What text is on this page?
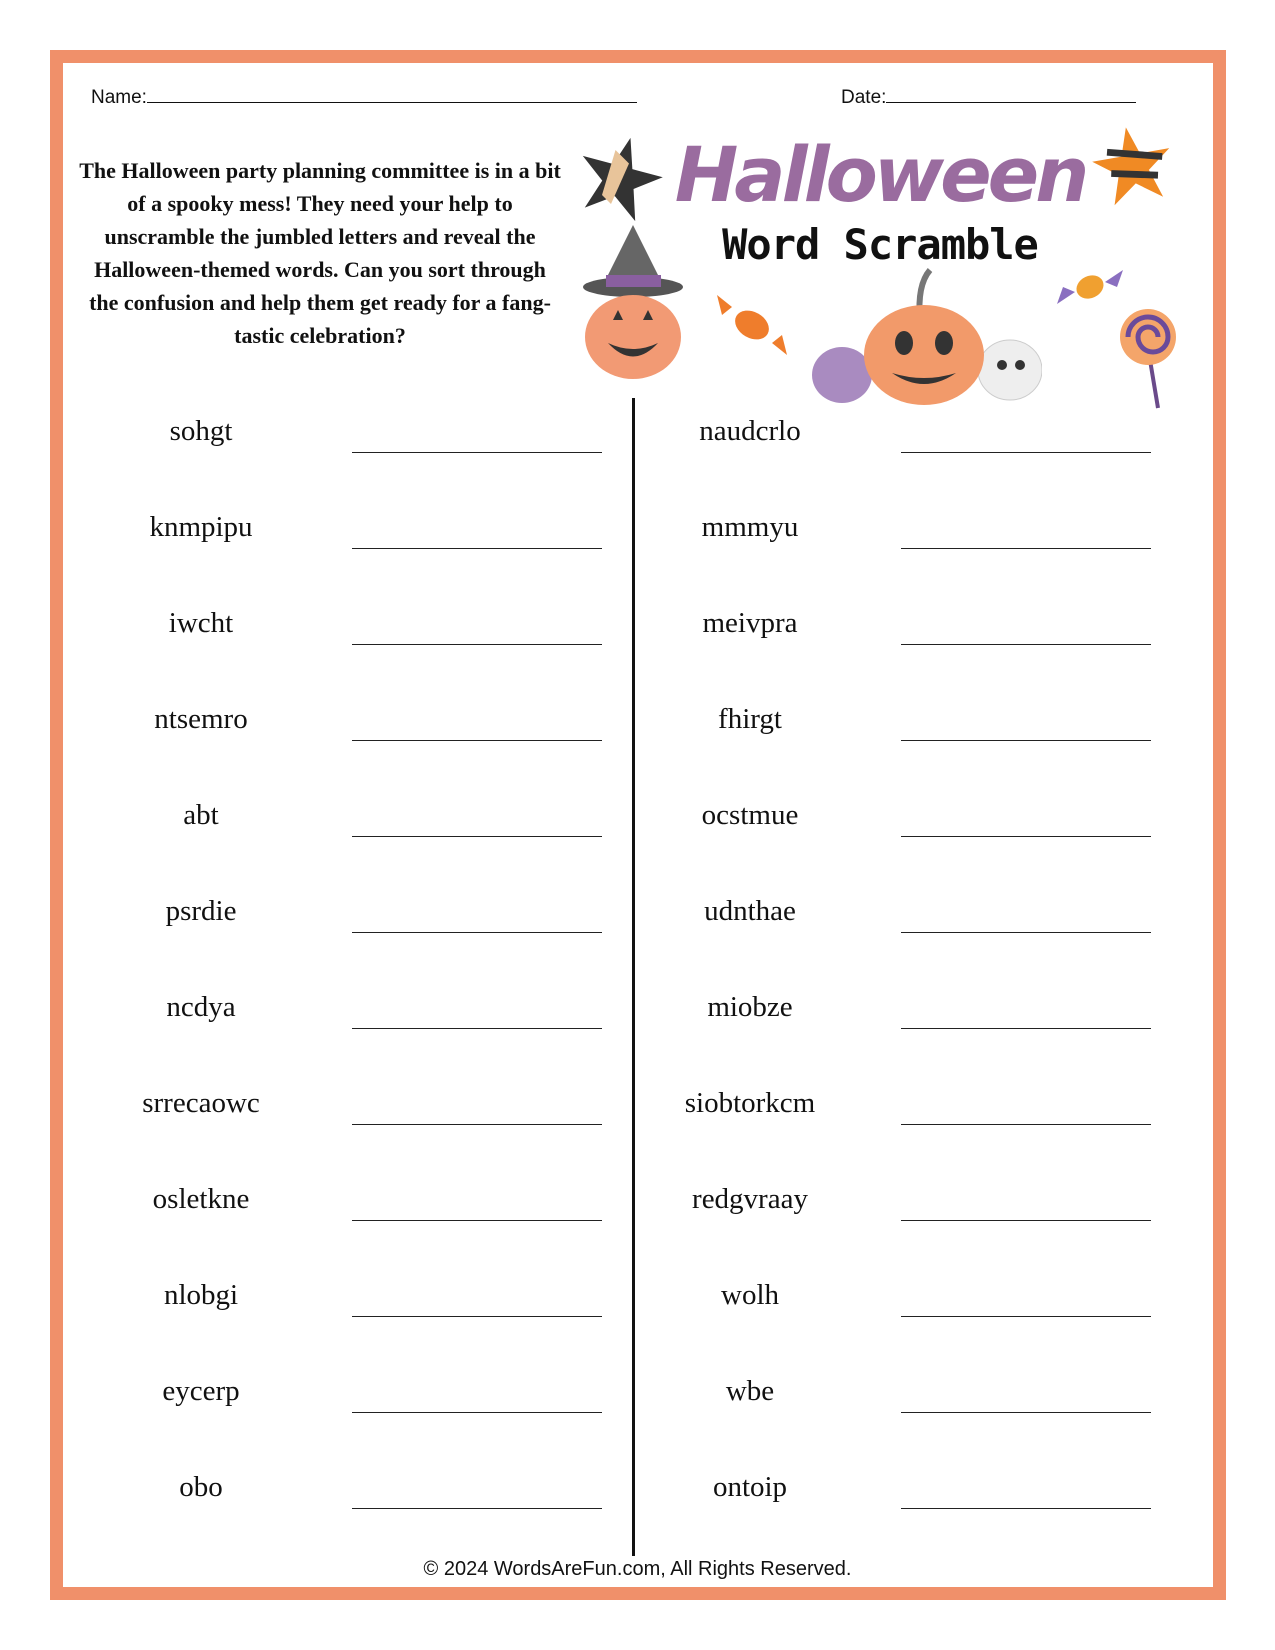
Name:	Date:
The Halloween party planning committee is in a bit of a spooky mess! They need your help to unscramble the jumbled letters and reveal the Halloween-themed words. Can you sort through the confusion and help them get ready for a fang-tastic celebration?
Halloween
Word Scramble
© 2024 WordsAreFun.com, All Rights Reserved.
sohgt
knmpipu
iwcht
ntsemro
abt
psrdie
ncdya
srrecaowc
osletkne
nlobgi
eycerp
obo
naudcrlo
mmmyu
meivpra
fhirgt
ocstmue
udnthae
miobze
siobtorkcm
redgvraay
wolh
wbe
ontoip
